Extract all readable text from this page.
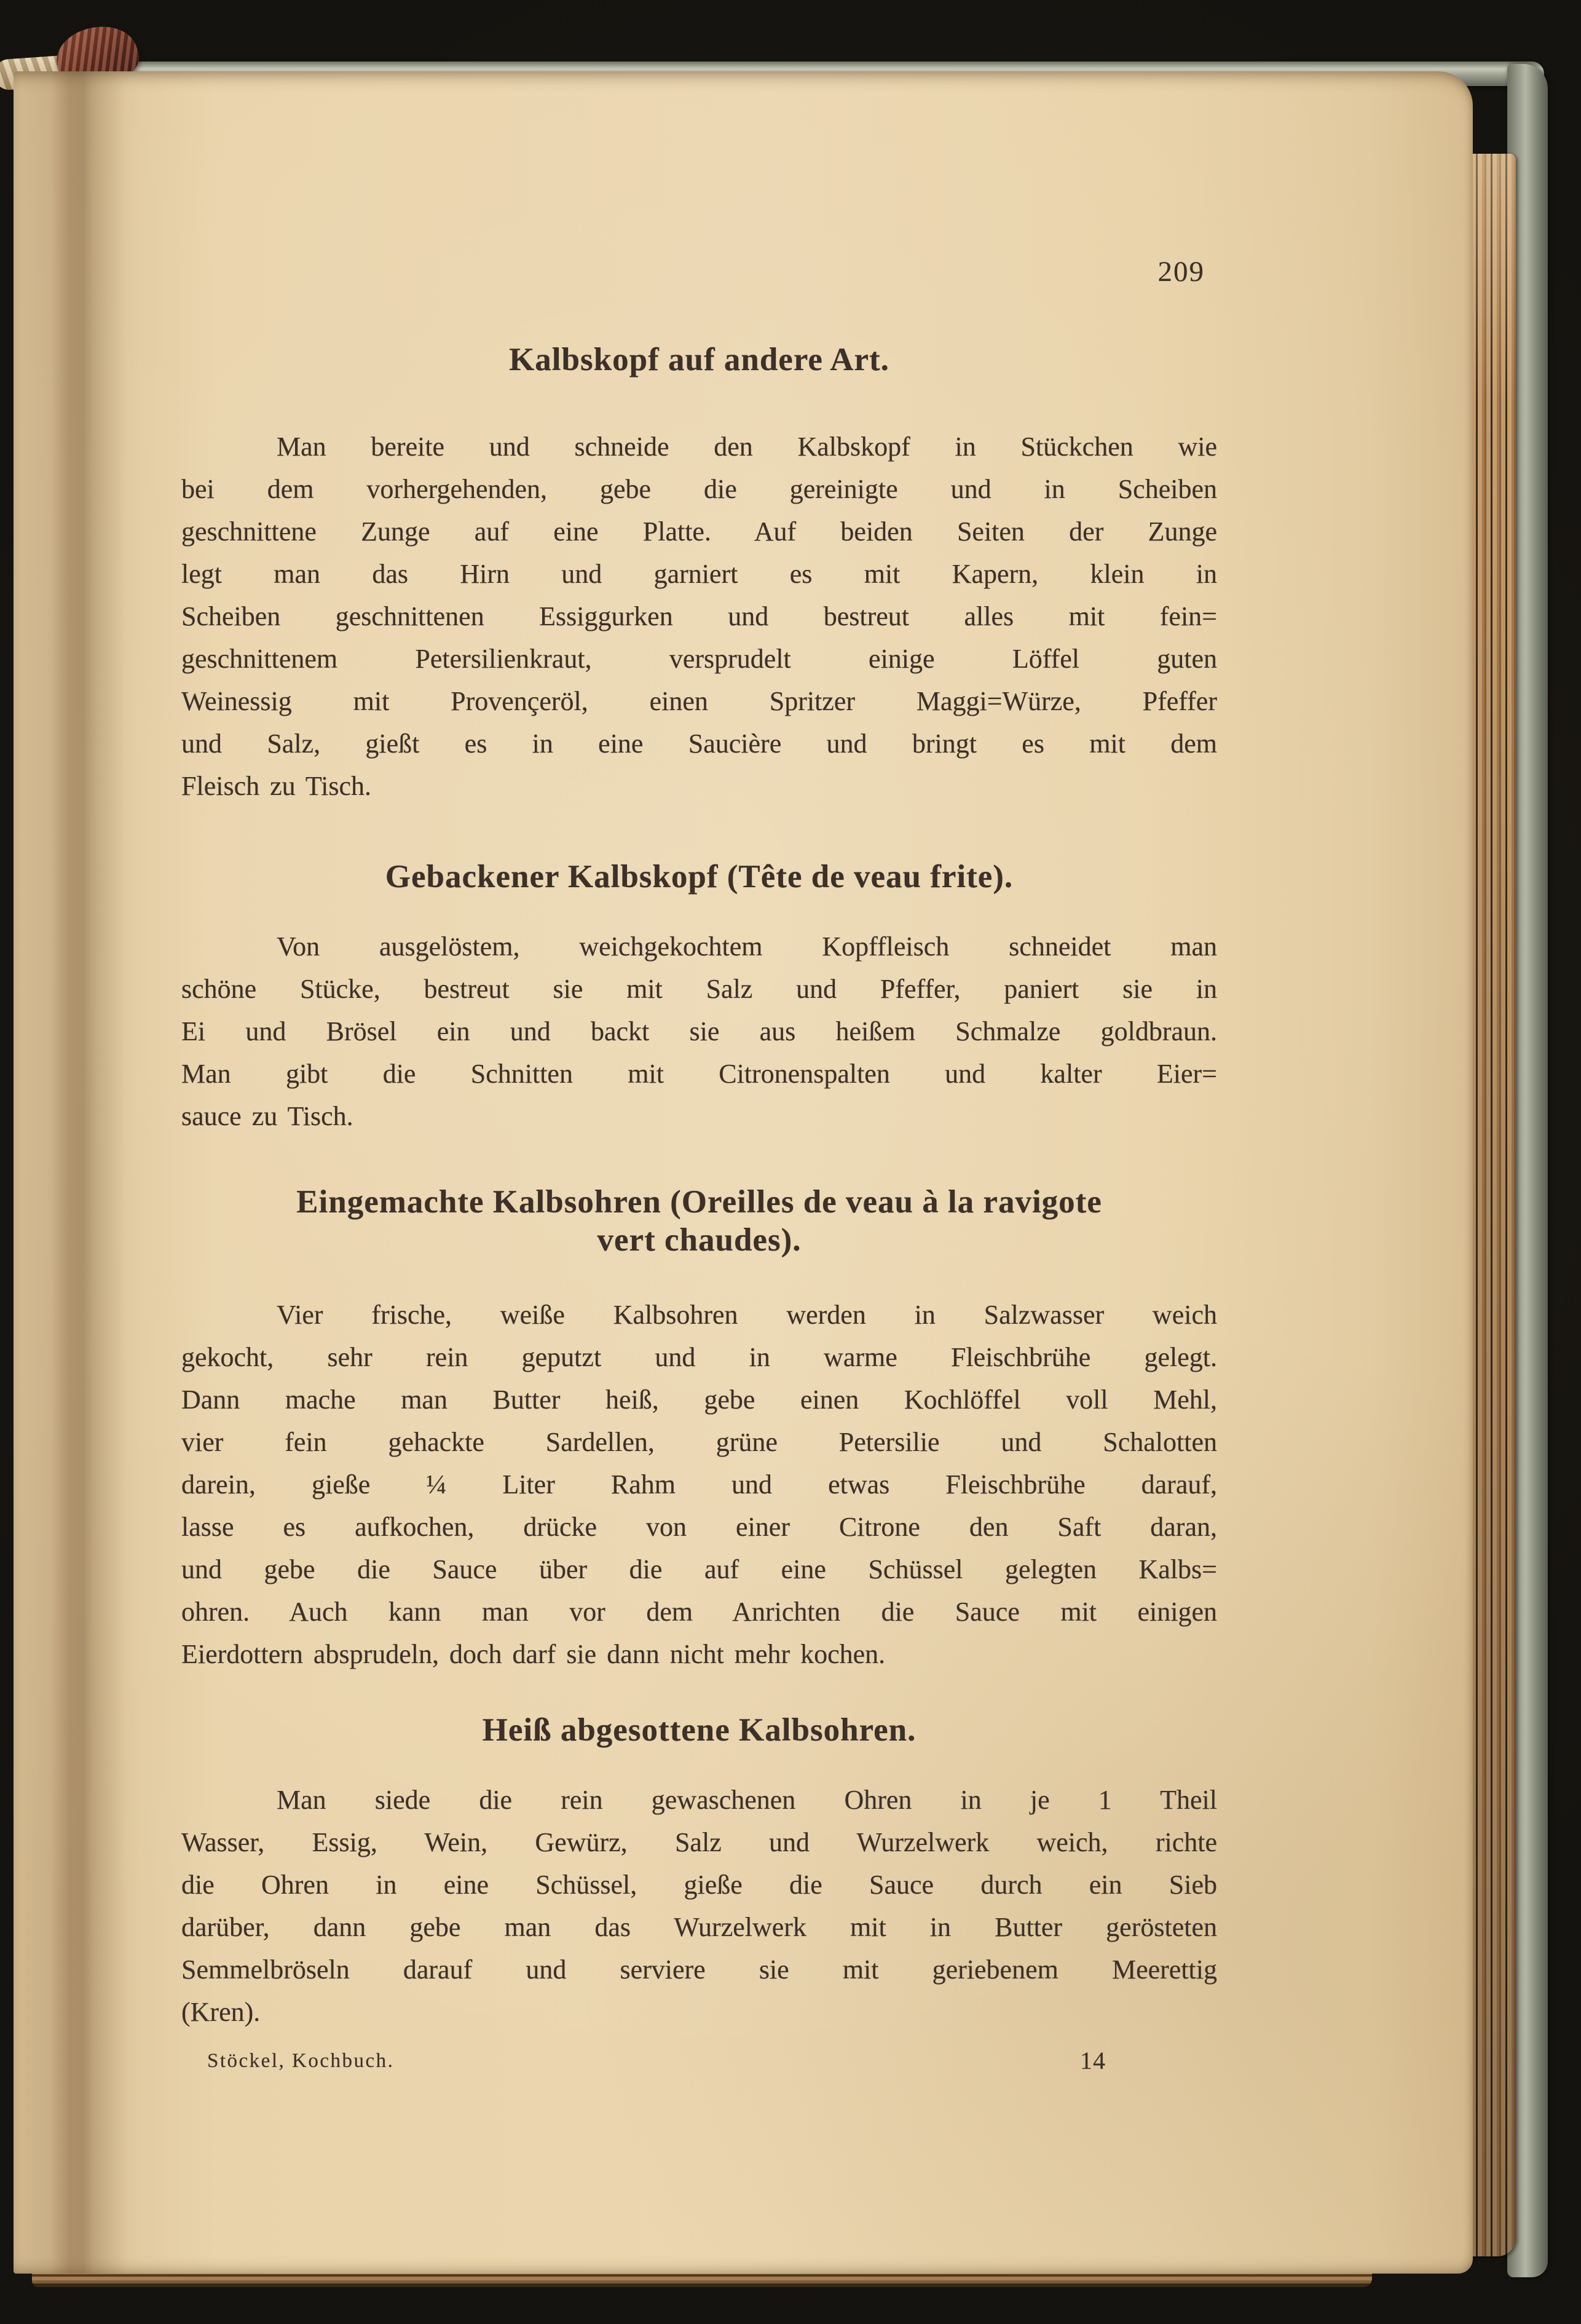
209
Kalbskopf auf andere Art.
Man bereite und schneide den Kalbskopf in Stückchen wie
bei dem vorhergehenden, gebe die gereinigte und in Scheiben
geschnittene Zunge auf eine Platte. Auf beiden Seiten der Zunge
legt man das Hirn und garniert es mit Kapern, klein in
Scheiben geschnittenen Essiggurken und bestreut alles mit fein=
geschnittenem Petersilienkraut, versprudelt einige Löffel guten
Weinessig mit Provençeröl, einen Spritzer Maggi=Würze, Pfeffer
und Salz, gießt es in eine Saucière und bringt es mit dem
Fleisch zu Tisch.
Gebackener Kalbskopf (Tête de veau frite).
Von ausgelöstem, weichgekochtem Kopffleisch schneidet man
schöne Stücke, bestreut sie mit Salz und Pfeffer, paniert sie in
Ei und Brösel ein und backt sie aus heißem Schmalze goldbraun.
Man gibt die Schnitten mit Citronenspalten und kalter Eier=
sauce zu Tisch.
Eingemachte Kalbsohren (Oreilles de veau à la ravigote
vert chaudes).
Vier frische, weiße Kalbsohren werden in Salzwasser weich
gekocht, sehr rein geputzt und in warme Fleischbrühe gelegt.
Dann mache man Butter heiß, gebe einen Kochlöffel voll Mehl,
vier fein gehackte Sardellen, grüne Petersilie und Schalotten
darein, gieße ¼ Liter Rahm und etwas Fleischbrühe darauf,
lasse es aufkochen, drücke von einer Citrone den Saft daran,
und gebe die Sauce über die auf eine Schüssel gelegten Kalbs=
ohren. Auch kann man vor dem Anrichten die Sauce mit einigen
Eierdottern absprudeln, doch darf sie dann nicht mehr kochen.
Heiß abgesottene Kalbsohren.
Man siede die rein gewaschenen Ohren in je 1 Theil
Wasser, Essig, Wein, Gewürz, Salz und Wurzelwerk weich, richte
die Ohren in eine Schüssel, gieße die Sauce durch ein Sieb
darüber, dann gebe man das Wurzelwerk mit in Butter gerösteten
Semmelbröseln darauf und serviere sie mit geriebenem Meerettig
(Kren).
Stöckel, Kochbuch.	14
